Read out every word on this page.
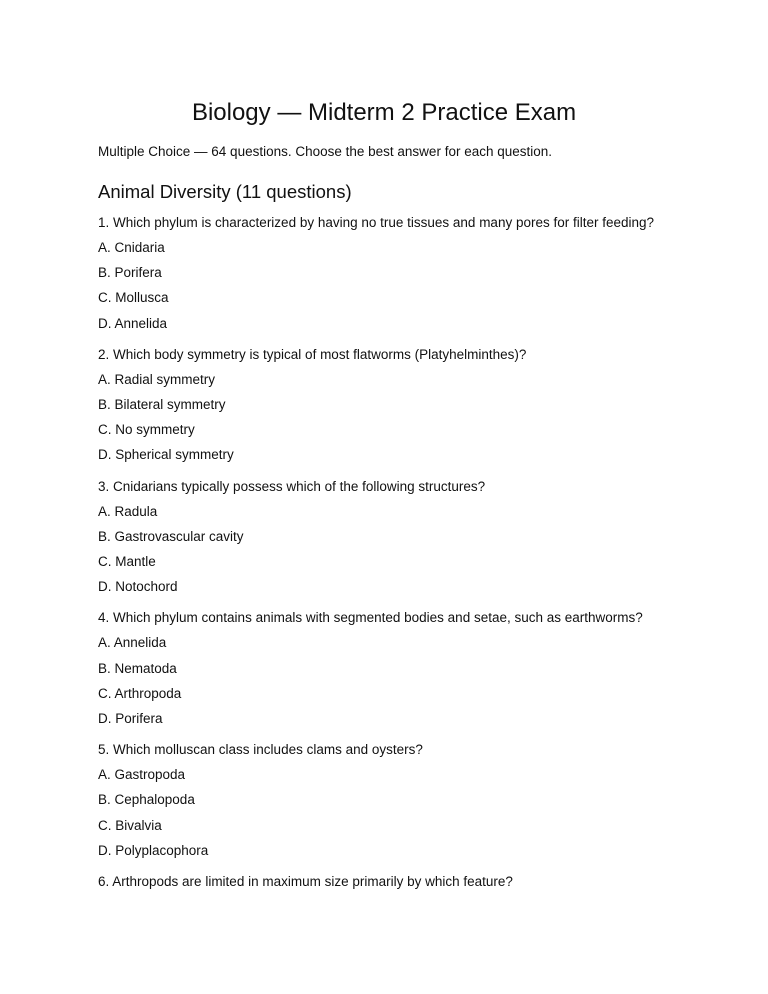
Biology — Midterm 2 Practice Exam

Multiple Choice — 64 questions. Choose the best answer for each question.

Animal Diversity (11 questions)

1. Which phylum is characterized by having no true tissues and many pores for filter feeding?

A. Cnidaria

B. Porifera

C. Mollusca

D. Annelida

2. Which body symmetry is typical of most flatworms (Platyhelminthes)?

A. Radial symmetry

B. Bilateral symmetry

C. No symmetry

D. Spherical symmetry

3. Cnidarians typically possess which of the following structures?

A. Radula

B. Gastrovascular cavity

C. Mantle

D. Notochord

4. Which phylum contains animals with segmented bodies and setae, such as earthworms?

A. Annelida

B. Nematoda

C. Arthropoda

D. Porifera

5. Which molluscan class includes clams and oysters?

A. Gastropoda

B. Cephalopoda

C. Bivalvia

D. Polyplacophora

6. Arthropods are limited in maximum size primarily by which feature?
